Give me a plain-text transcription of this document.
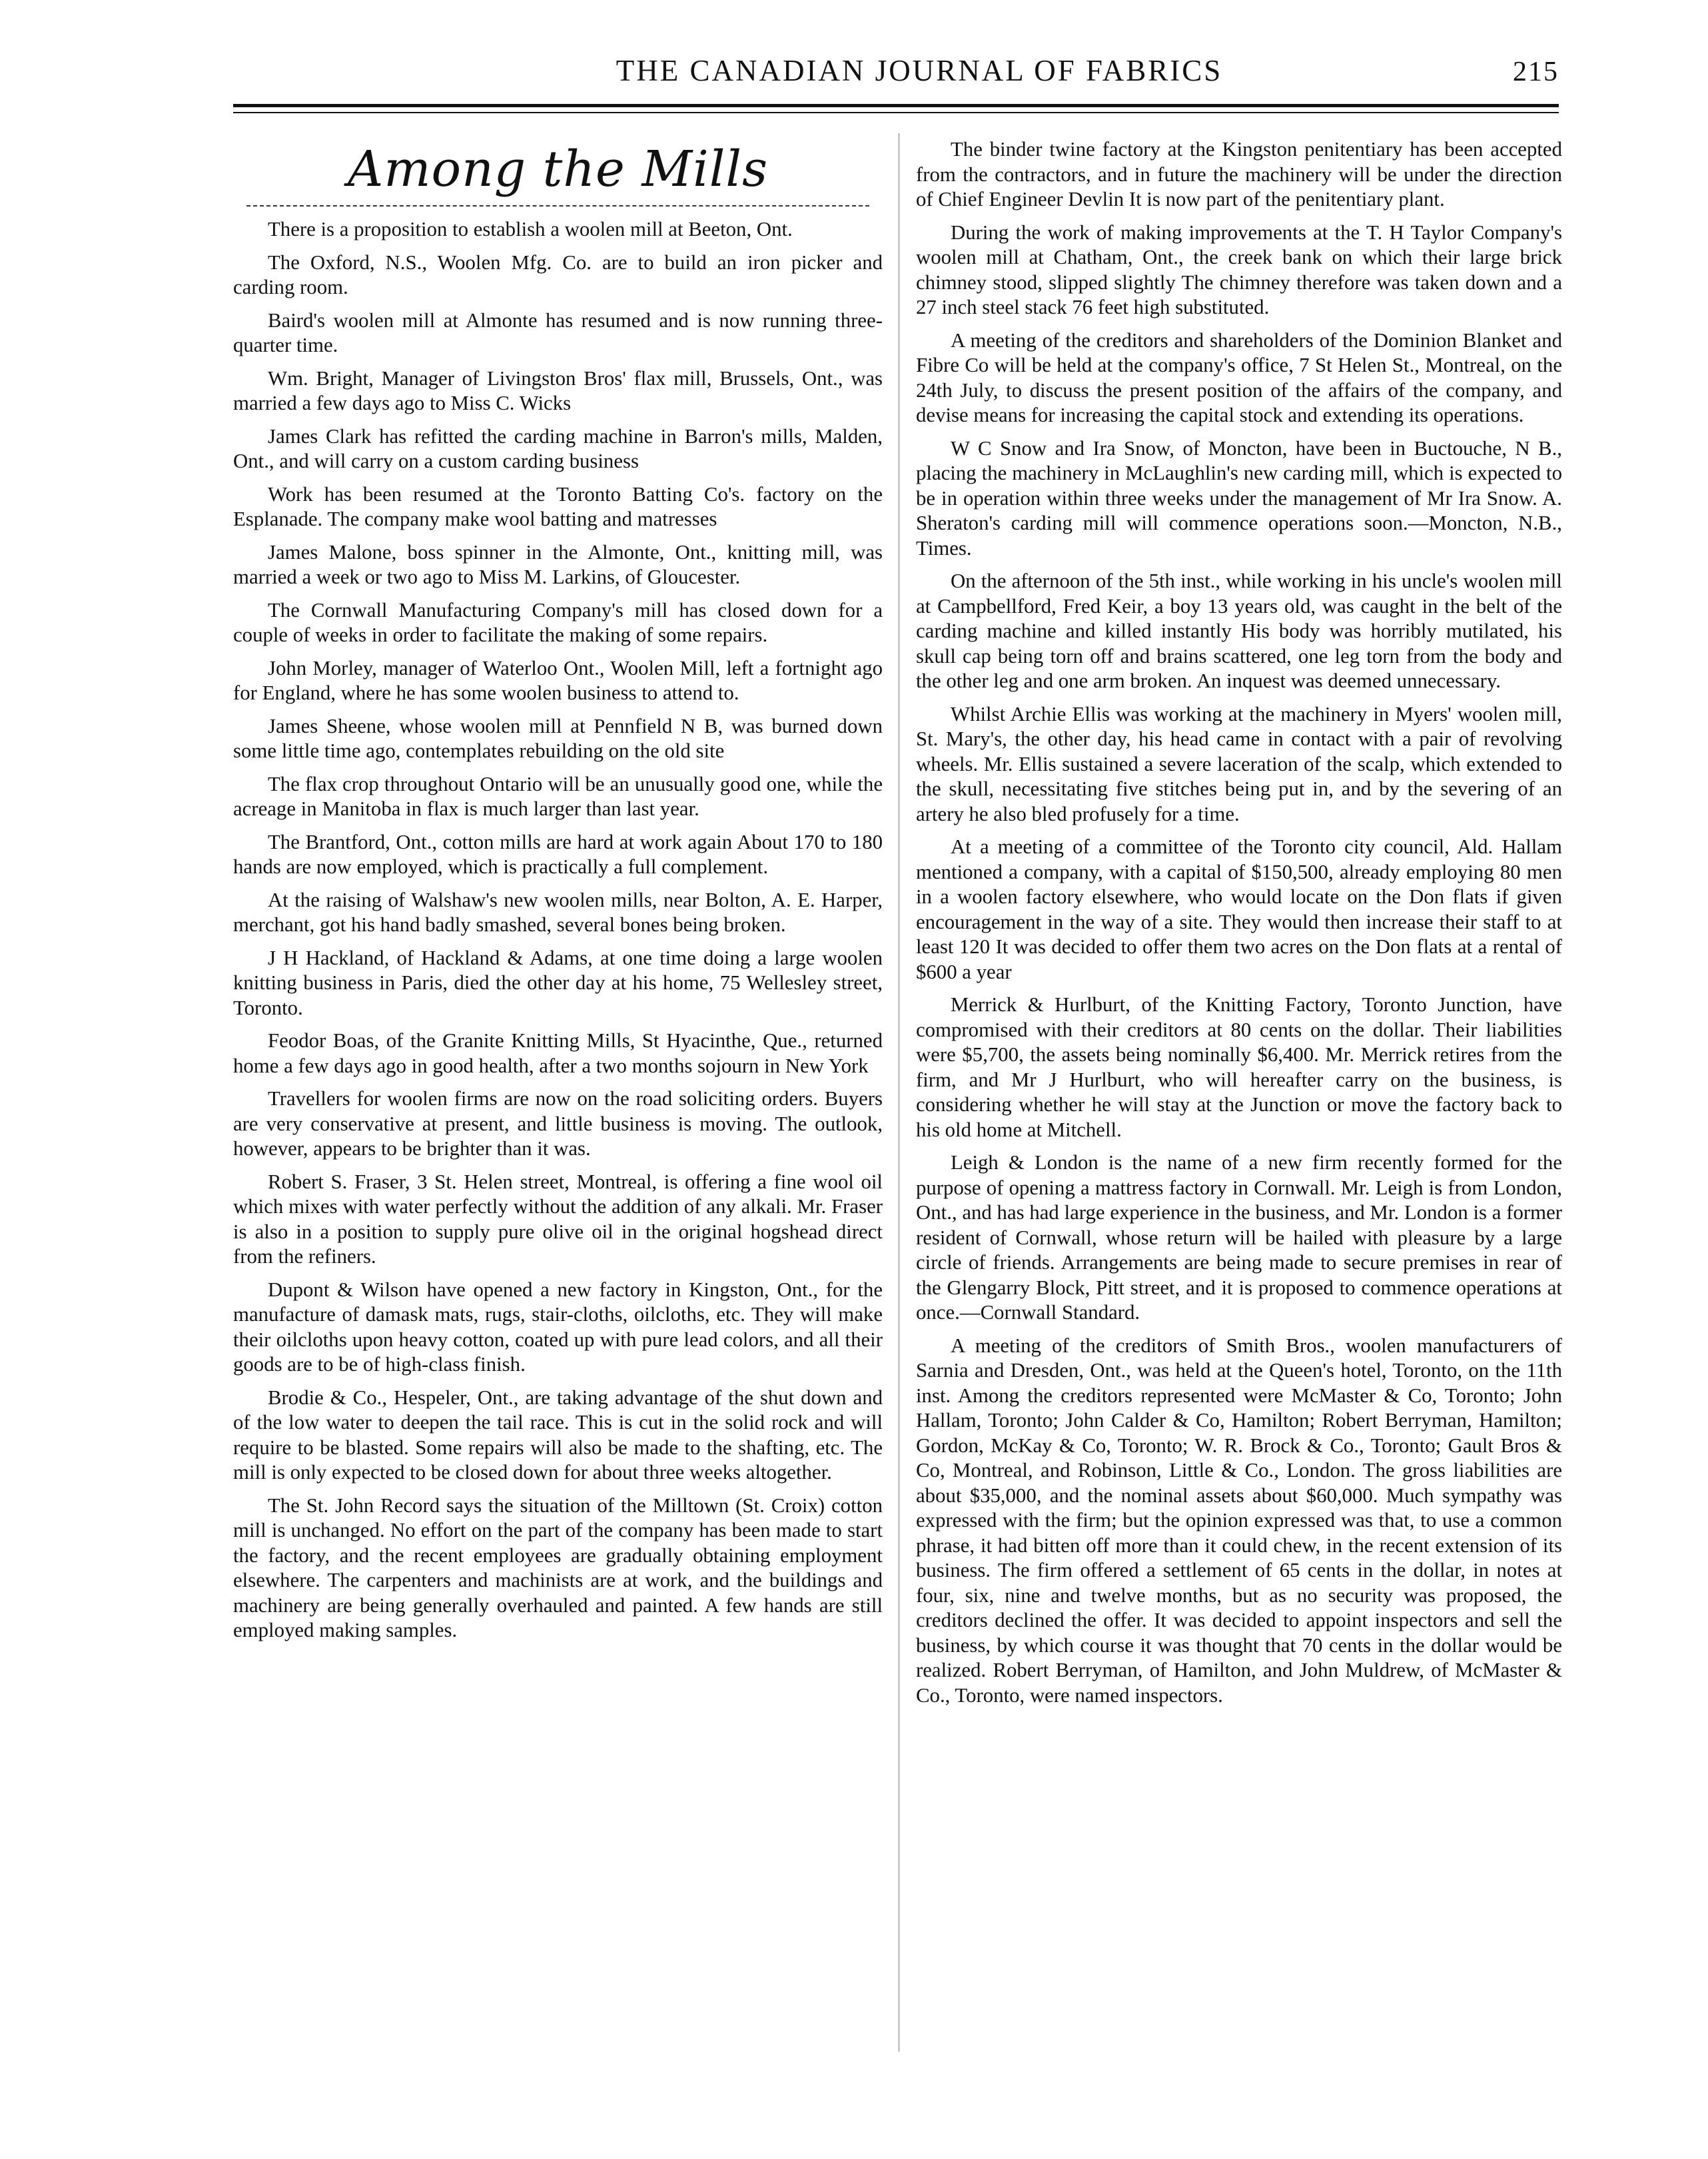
THE CANADIAN JOURNAL OF FABRICS	215
Among the Mills

There is a proposition to establish a woolen mill at Beeton, Ont.

The Oxford, N.S., Woolen Mfg. Co. are to build an iron picker and carding room.

Baird's woolen mill at Almonte has resumed and is now running three-quarter time.

Wm. Bright, Manager of Livingston Bros' flax mill, Brussels, Ont., was married a few days ago to Miss C. Wicks

James Clark has refitted the carding machine in Barron's mills, Malden, Ont., and will carry on a custom carding business

Work has been resumed at the Toronto Batting Co's. factory on the Esplanade. The company make wool batting and matresses

James Malone, boss spinner in the Almonte, Ont., knitting mill, was married a week or two ago to Miss M. Larkins, of Gloucester.

The Cornwall Manufacturing Company's mill has closed down for a couple of weeks in order to facilitate the making of some repairs.

John Morley, manager of Waterloo Ont., Woolen Mill, left a fortnight ago for England, where he has some woolen business to attend to.

James Sheene, whose woolen mill at Pennfield N B, was burned down some little time ago, contemplates rebuilding on the old site

The flax crop throughout Ontario will be an unusually good one, while the acreage in Manitoba in flax is much larger than last year.

The Brantford, Ont., cotton mills are hard at work again About 170 to 180 hands are now employed, which is practically a full complement.

At the raising of Walshaw's new woolen mills, near Bolton, A. E. Harper, merchant, got his hand badly smashed, several bones being broken.

J H Hackland, of Hackland & Adams, at one time doing a large woolen knitting business in Paris, died the other day at his home, 75 Wellesley street, Toronto.

Feodor Boas, of the Granite Knitting Mills, St Hyacinthe, Que., returned home a few days ago in good health, after a two months sojourn in New York

Travellers for woolen firms are now on the road soliciting orders. Buyers are very conservative at present, and little business is moving. The outlook, however, appears to be brighter than it was.

Robert S. Fraser, 3 St. Helen street, Montreal, is offering a fine wool oil which mixes with water perfectly without the addition of any alkali. Mr. Fraser is also in a position to supply pure olive oil in the original hogshead direct from the refiners.

Dupont & Wilson have opened a new factory in Kingston, Ont., for the manufacture of damask mats, rugs, stair-cloths, oilcloths, etc. They will make their oilcloths upon heavy cotton, coated up with pure lead colors, and all their goods are to be of high-class finish.

Brodie & Co., Hespeler, Ont., are taking advantage of the shut down and of the low water to deepen the tail race. This is cut in the solid rock and will require to be blasted. Some repairs will also be made to the shafting, etc. The mill is only expected to be closed down for about three weeks altogether.

The St. John Record says the situation of the Milltown (St. Croix) cotton mill is unchanged. No effort on the part of the company has been made to start the factory, and the recent employees are gradually obtaining employment elsewhere. The carpenters and machinists are at work, and the buildings and machinery are being generally overhauled and painted. A few hands are still employed making samples.

The binder twine factory at the Kingston penitentiary has been accepted from the contractors, and in future the machinery will be under the direction of Chief Engineer Devlin It is now part of the penitentiary plant.

During the work of making improvements at the T. H Taylor Company's woolen mill at Chatham, Ont., the creek bank on which their large brick chimney stood, slipped slightly The chimney therefore was taken down and a 27 inch steel stack 76 feet high substituted.

A meeting of the creditors and shareholders of the Dominion Blanket and Fibre Co will be held at the company's office, 7 St Helen St., Montreal, on the 24th July, to discuss the present position of the affairs of the company, and devise means for increasing the capital stock and extending its operations.

W C Snow and Ira Snow, of Moncton, have been in Buctouche, N B., placing the machinery in McLaughlin's new carding mill, which is expected to be in operation within three weeks under the management of Mr Ira Snow. A. Sheraton's carding mill will commence operations soon.—Moncton, N.B., Times.

On the afternoon of the 5th inst., while working in his uncle's woolen mill at Campbellford, Fred Keir, a boy 13 years old, was caught in the belt of the carding machine and killed instantly His body was horribly mutilated, his skull cap being torn off and brains scattered, one leg torn from the body and the other leg and one arm broken. An inquest was deemed unnecessary.

Whilst Archie Ellis was working at the machinery in Myers' woolen mill, St. Mary's, the other day, his head came in contact with a pair of revolving wheels. Mr. Ellis sustained a severe laceration of the scalp, which extended to the skull, necessitating five stitches being put in, and by the severing of an artery he also bled profusely for a time.

At a meeting of a committee of the Toronto city council, Ald. Hallam mentioned a company, with a capital of $150,500, already employing 80 men in a woolen factory elsewhere, who would locate on the Don flats if given encouragement in the way of a site. They would then increase their staff to at least 120 It was decided to offer them two acres on the Don flats at a rental of $600 a year

Merrick & Hurlburt, of the Knitting Factory, Toronto Junction, have compromised with their creditors at 80 cents on the dollar. Their liabilities were $5,700, the assets being nominally $6,400. Mr. Merrick retires from the firm, and Mr J Hurlburt, who will hereafter carry on the business, is considering whether he will stay at the Junction or move the factory back to his old home at Mitchell.

Leigh & London is the name of a new firm recently formed for the purpose of opening a mattress factory in Cornwall. Mr. Leigh is from London, Ont., and has had large experience in the business, and Mr. London is a former resident of Cornwall, whose return will be hailed with pleasure by a large circle of friends. Arrangements are being made to secure premises in rear of the Glengarry Block, Pitt street, and it is proposed to commence operations at once.—Cornwall Standard.

A meeting of the creditors of Smith Bros., woolen manufacturers of Sarnia and Dresden, Ont., was held at the Queen's hotel, Toronto, on the 11th inst. Among the creditors represented were McMaster & Co, Toronto; John Hallam, Toronto; John Calder & Co, Hamilton; Robert Berryman, Hamilton; Gordon, McKay & Co, Toronto; W. R. Brock & Co., Toronto; Gault Bros & Co, Montreal, and Robinson, Little & Co., London. The gross liabilities are about $35,000, and the nominal assets about $60,000. Much sympathy was expressed with the firm; but the opinion expressed was that, to use a common phrase, it had bitten off more than it could chew, in the recent extension of its business. The firm offered a settlement of 65 cents in the dollar, in notes at four, six, nine and twelve months, but as no security was proposed, the creditors declined the offer. It was decided to appoint inspectors and sell the business, by which course it was thought that 70 cents in the dollar would be realized. Robert Berryman, of Hamilton, and John Muldrew, of McMaster & Co., Toronto, were named inspectors.
